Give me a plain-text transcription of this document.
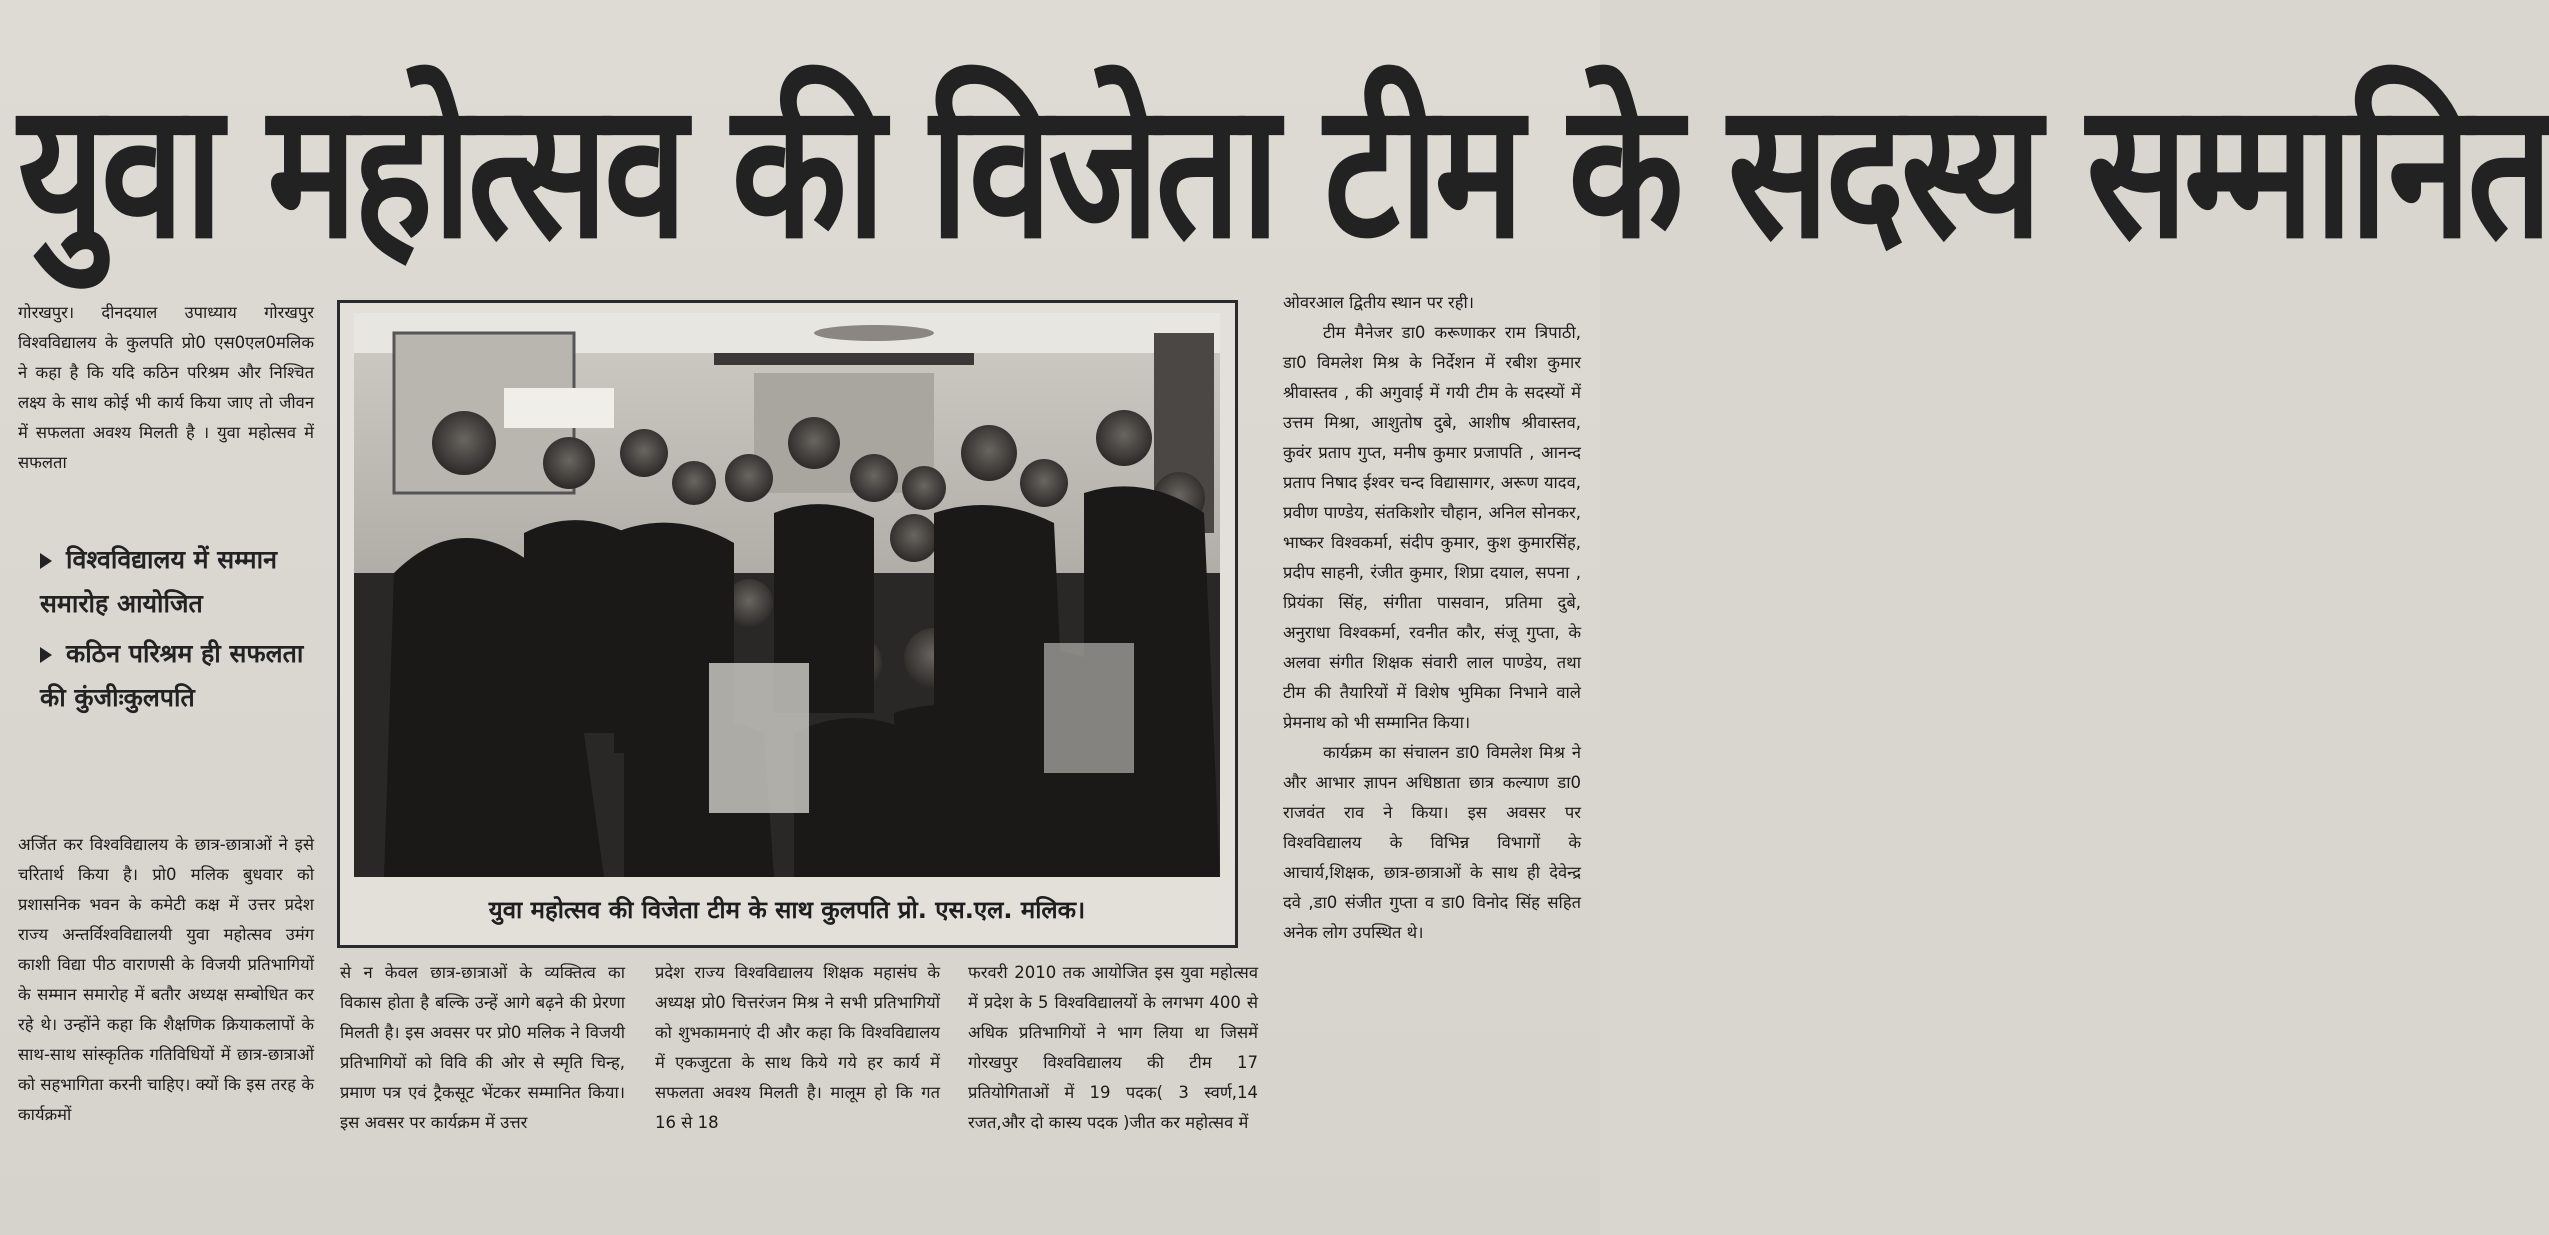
युवा महोत्सव की विजेता टीम के सदस्य सम्मानित

गोरखपुर। दीनदयाल उपाध्याय गोरखपुर विश्वविद्यालय के कुलपति प्रो0 एस0एल0मलिक ने कहा है कि यदि कठिन परिश्रम और निश्चित लक्ष्य के साथ कोई भी कार्य किया जाए तो जीवन में सफलता अवश्य मिलती है । युवा महोत्सव में सफलता

विश्वविद्यालय में सम्मान समारोह आयोजित
कठिन परिश्रम ही सफलता की कुंजीःकुलपति

अर्जित कर विश्वविद्यालय के छात्र-छात्राओं ने इसे चरितार्थ किया है। प्रो0 मलिक बुधवार को प्रशासनिक भवन के कमेटी कक्ष में उत्तर प्रदेश राज्य अन्तर्विश्वविद्यालयी युवा महोत्सव उमंग काशी विद्या पीठ वाराणसी के विजयी प्रतिभागियों के सम्मान समारोह में बतौर अध्यक्ष सम्बोधित कर रहे थे। उन्होंने कहा कि शैक्षणिक क्रियाकलापों के साथ-साथ सांस्कृतिक गतिविधियों में छात्र-छात्राओं को सहभागिता करनी चाहिए। क्यों कि इस तरह के कार्यक्रमों

युवा महोत्सव की विजेता टीम के साथ कुलपति प्रो. एस.एल. मलिक।

से न केवल छात्र-छात्राओं के व्यक्तित्व का विकास होता है बल्कि उन्हें आगे बढ़ने की प्रेरणा मिलती है। इस अवसर पर प्रो0 मलिक ने विजयी प्रतिभागियों को विवि की ओर से स्मृति चिन्ह, प्रमाण पत्र एवं ट्रैकसूट भेंटकर सम्मानित किया। इस अवसर पर कार्यक्रम में उत्तर

प्रदेश राज्य विश्वविद्यालय शिक्षक महासंघ के अध्यक्ष प्रो0 चित्तरंजन मिश्र ने सभी प्रतिभागियों को शुभकामनाएं दी और कहा कि विश्वविद्यालय में एकजुटता के साथ किये गये हर कार्य में सफलता अवश्य मिलती है। मालूम हो कि गत 16 से 18

फरवरी 2010 तक आयोजित इस युवा महोत्सव में प्रदेश के 5 विश्वविद्यालयों के लगभग 400 से अधिक प्रतिभागियों ने भाग लिया था जिसमें गोरखपुर विश्वविद्यालय की टीम 17 प्रतियोगिताओं में 19 पदक( 3 स्वर्ण,14 रजत,और दो कास्य पदक )जीत कर महोत्सव में

ओवरआल द्वितीय स्थान पर रही।

टीम मैनेजर डा0 करूणाकर राम त्रिपाठी, डा0 विमलेश मिश्र के निर्देशन में रबीश कुमार श्रीवास्तव , की अगुवाई में गयी टीम के सदस्यों में उत्तम मिश्रा, आशुतोष दुबे, आशीष श्रीवास्तव, कुवंर प्रताप गुप्त, मनीष कुमार प्रजापति , आनन्द प्रताप निषाद ईश्वर चन्द विद्यासागर, अरूण यादव, प्रवीण पाण्डेय, संतकिशोर चौहान, अनिल सोनकर, भाष्कर विश्वकर्मा, संदीप कुमार, कुश कुमारसिंह, प्रदीप साहनी, रंजीत कुमार, शिप्रा दयाल, सपना , प्रियंका सिंह, संगीता पासवान, प्रतिमा दुबे, अनुराधा विश्वकर्मा, रवनीत कौर, संजू गुप्ता, के अलवा संगीत शिक्षक संवारी लाल पाण्डेय, तथा टीम की तैयारियों में विशेष भुमिका निभाने वाले प्रेमनाथ को भी सम्मानित किया।

कार्यक्रम का संचालन डा0 विमलेश मिश्र ने और आभार ज्ञापन अधिष्ठाता छात्र कल्याण डा0 राजवंत राव ने किया। इस अवसर पर विश्वविद्यालय के विभिन्न विभागों के आचार्य,शिक्षक, छात्र-छात्राओं के साथ ही देवेन्द्र दवे ,डा0 संजीत गुप्ता व डा0 विनोद सिंह सहित अनेक लोग उपस्थित थे।
